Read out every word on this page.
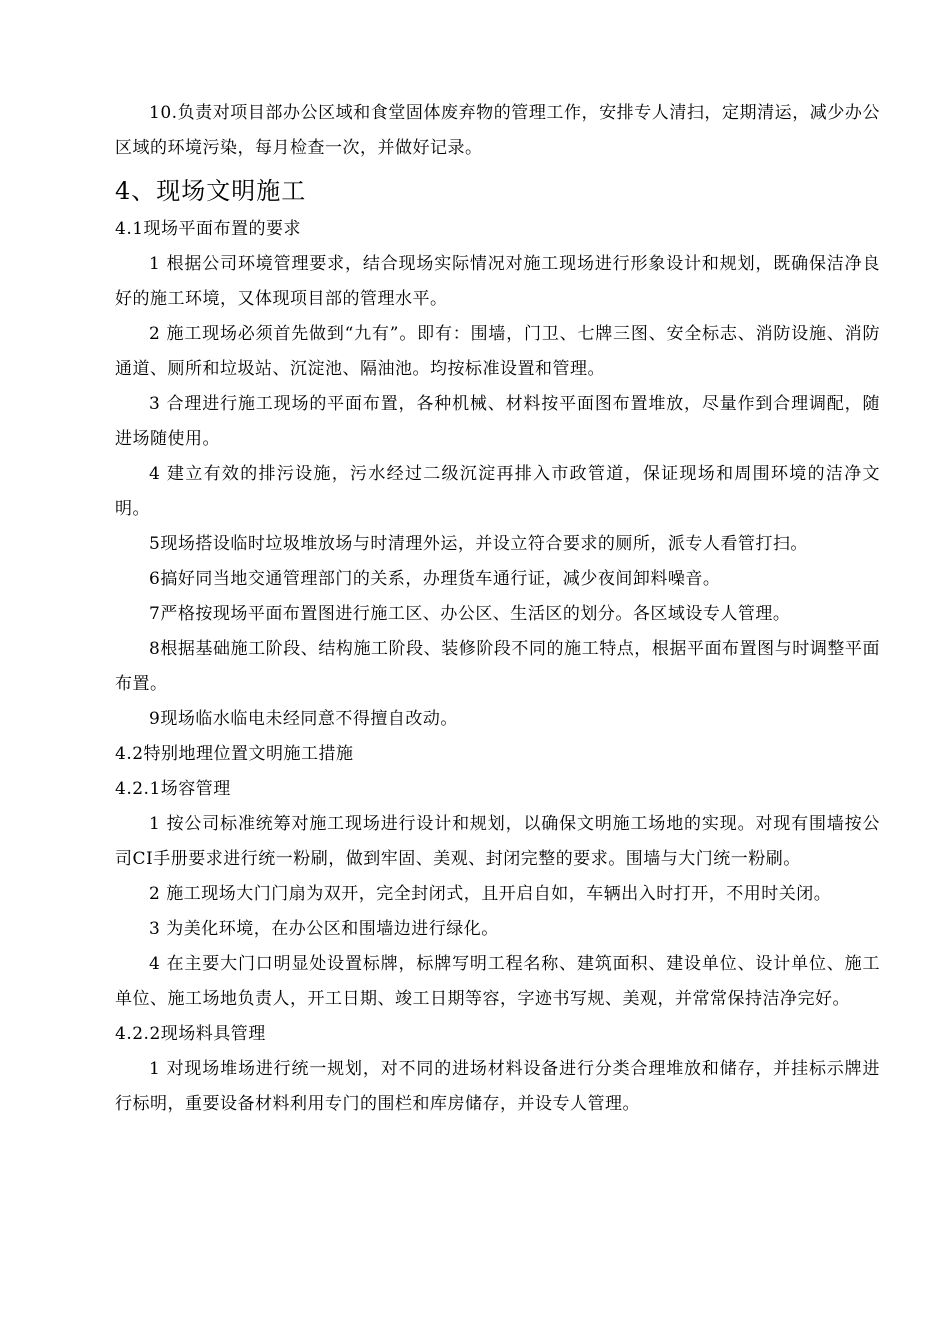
10.负责对项目部办公区域和食堂固体废弃物的管理工作，安排专人清扫，定期清运，减少办公区域的环境污染，每月检查一次，并做好记录。

4、现场文明施工
4.1现场平面布置的要求

1 根据公司环境管理要求，结合现场实际情况对施工现场进行形象设计和规划，既确保洁净良好的施工环境，又体现项目部的管理水平。

2 施工现场必须首先做到“九有”。即有：围墙，门卫、七牌三图、安全标志、消防设施、消防通道、厕所和垃圾站、沉淀池、隔油池。均按标准设置和管理。

3 合理进行施工现场的平面布置，各种机械、材料按平面图布置堆放，尽量作到合理调配，随进场随使用。

4 建立有效的排污设施，污水经过二级沉淀再排入市政管道，保证现场和周围环境的洁净文明。

5现场搭设临时垃圾堆放场与时清理外运，并设立符合要求的厕所，派专人看管打扫。

6搞好同当地交通管理部门的关系，办理货车通行证，减少夜间卸料噪音。

7严格按现场平面布置图进行施工区、办公区、生活区的划分。各区域设专人管理。

8根据基础施工阶段、结构施工阶段、装修阶段不同的施工特点，根据平面布置图与时调整平面布置。

9现场临水临电未经同意不得擅自改动。

4.2特别地理位置文明施工措施
4.2.1场容管理

1 按公司标准统筹对施工现场进行设计和规划，以确保文明施工场地的实现。对现有围墙按公司CI手册要求进行统一粉刷，做到牢固、美观、封闭完整的要求。围墙与大门统一粉刷。

2 施工现场大门门扇为双开，完全封闭式，且开启自如，车辆出入时打开，不用时关闭。

3 为美化环境，在办公区和围墙边进行绿化。

4 在主要大门口明显处设置标牌，标牌写明工程名称、建筑面积、建设单位、设计单位、施工单位、施工场地负责人，开工日期、竣工日期等容，字迹书写规、美观，并常常保持洁净完好。

4.2.2现场料具管理

1 对现场堆场进行统一规划，对不同的进场材料设备进行分类合理堆放和储存，并挂标示牌进行标明，重要设备材料利用专门的围栏和库房储存，并设专人管理。
